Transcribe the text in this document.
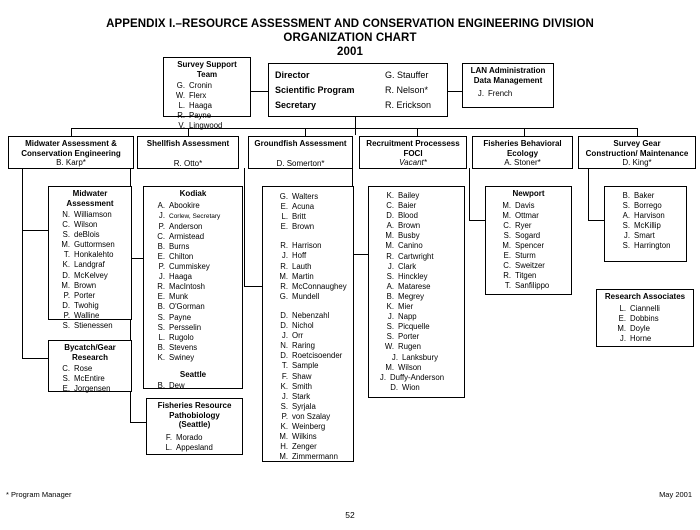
APPENDIX I.–RESOURCE ASSESSMENT AND CONSERVATION ENGINEERING DIVISION
ORGANIZATION CHART
2001
Survey Support
Team
G. Cronin
W. Flerx
L. Haaga
R. Payne
V. Lingwood
Director
Scientific Program
Secretary
G. Stauffer
R. Nelson*
R. Erickson
LAN Administration
Data Management
J. French
Midwater Assessment &
Conservation Engineering
B. Karp*
Shellfish Assessment
R. Otto*
Groundfish Assessment
D. Somerton*
Recruitment Processess
FOCI
Vacant*
Fisheries Behavioral
Ecology
A. Stoner*
Survey Gear
Construction/ Maintenance
D. King*
Midwater
Assessment
N. Williamson
C. Wilson
S. deBlois
M. Guttormsen
T. Honkalehto
K. Landgraf
D. McKelvey
M. Brown
P. Porter
D. Twohig
P. Walline
S. Stienessen
Bycatch/Gear
Research
C. Rose
S. McEntire
E. Jorgensen
Kodiak
A. Abookire
J. Corlew, Secretary
P. Anderson
C. Armistead
B. Burns
E. Chilton
P. Cummiskey
J. Haaga
R. MacIntosh
E. Munk
B. O'Gorman
S. Payne
S. Persselin
L. Rugolo
B. Stevens
K. Swiney
Seattle
B. Dew
Fisheries Resource
Pathobiology
(Seattle)
F. Morado
L. Appesland
G. Walters
E. Acuna
L. Britt
E. Brown
R. Harrison
J. Hoff
R. Lauth
M. Martin
R. McConnaughey
G. Mundell
D. Nebenzahl
D. Nichol
J. Orr
N. Raring
D. Roetcisoender
T. Sample
F. Shaw
K. Smith
J. Stark
S. Syrjala
P. von Szalay
K. Weinberg
M. Wilkins
H. Zenger
M. Zimmermann
K. Bailey
C. Baier
D. Blood
A. Brown
M. Busby
M. Canino
R. Cartwright
J. Clark
S. Hinckley
A. Matarese
B. Megrey
K. Mier
J. Napp
S. Picquelle
S. Porter
W. Rugen
J. Lanksbury
M. Wilson
J. Duffy-Anderson
D. Wion
Newport
M. Davis
M. Ottmar
C. Ryer
S. Sogard
M. Spencer
E. Sturm
C. Sweitzer
R. Titgen
T. Sanfilippo
B. Baker
S. Borrego
A. Harvison
S. McKillip
J. Smart
S. Harrington
Research Associates
L. Ciannelli
E. Dobbins
M. Doyle
J. Horne
* Program Manager	May 2001
52
